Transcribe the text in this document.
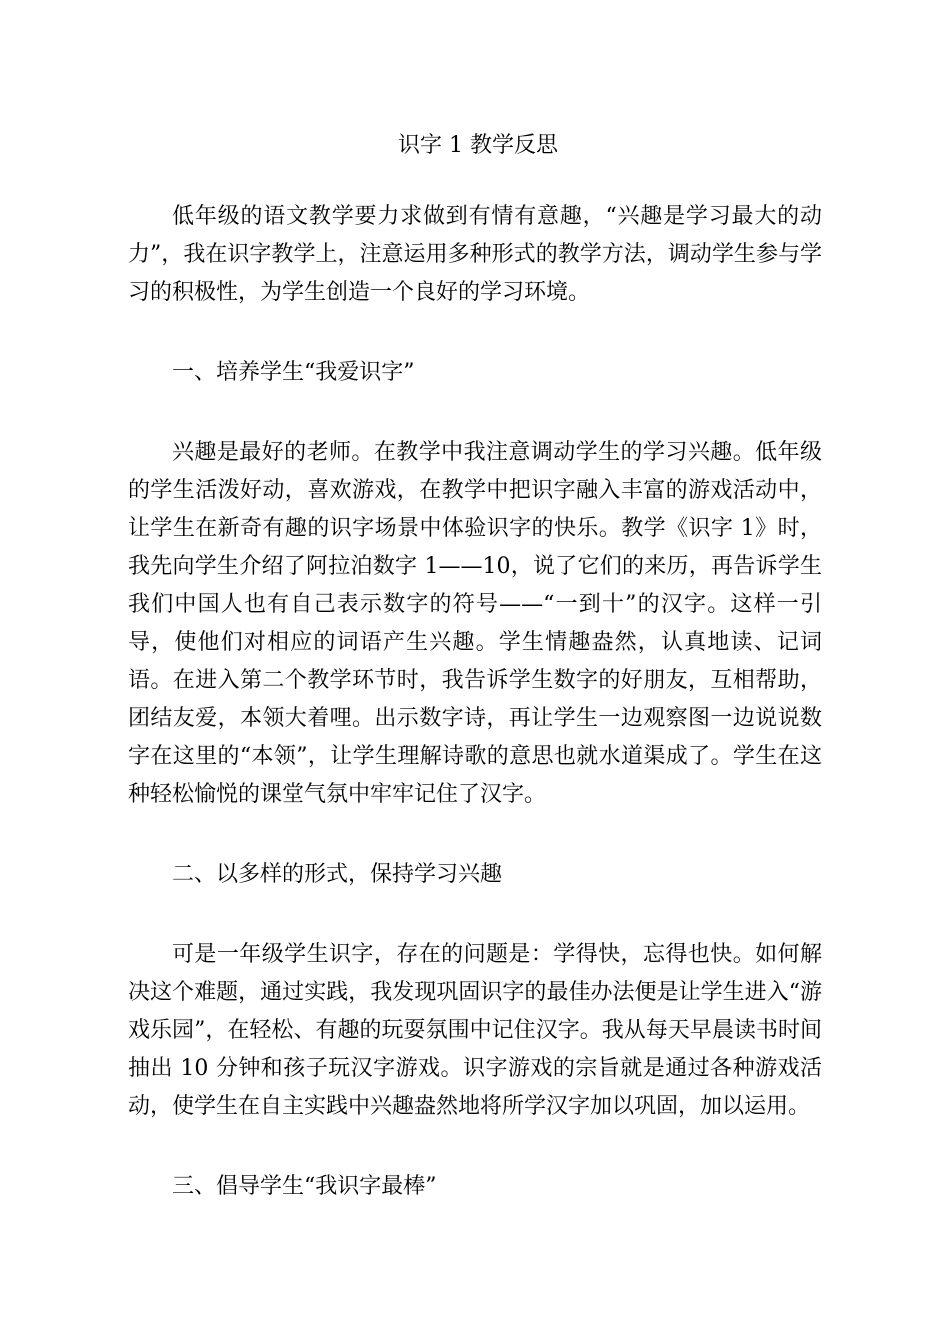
识字 1 教学反思

低年级的语文教学要力求做到有情有意趣，“兴趣是学习最大的动力”，我在识字教学上，注意运用多种形式的教学方法，调动学生参与学习的积极性，为学生创造一个良好的学习环境。

一、培养学生“我爱识字”

兴趣是最好的老师。在教学中我注意调动学生的学习兴趣。低年级的学生活泼好动，喜欢游戏，在教学中把识字融入丰富的游戏活动中，让学生在新奇有趣的识字场景中体验识字的快乐。教学《识字 1》时，我先向学生介绍了阿拉泊数字 1——10，说了它们的来历，再告诉学生我们中国人也有自己表示数字的符号——“一到十”的汉字。这样一引导，使他们对相应的词语产生兴趣。学生情趣盎然，认真地读、记词语。在进入第二个教学环节时，我告诉学生数字的好朋友，互相帮助，团结友爱，本领大着哩。出示数字诗，再让学生一边观察图一边说说数字在这里的“本领”，让学生理解诗歌的意思也就水道渠成了。学生在这种轻松愉悦的课堂气氛中牢牢记住了汉字。

二、以多样的形式，保持学习兴趣

可是一年级学生识字，存在的问题是：学得快，忘得也快。如何解决这个难题，通过实践，我发现巩固识字的最佳办法便是让学生进入“游戏乐园”，在轻松、有趣的玩耍氛围中记住汉字。我从每天早晨读书时间抽出 10 分钟和孩子玩汉字游戏。识字游戏的宗旨就是通过各种游戏活动，使学生在自主实践中兴趣盎然地将所学汉字加以巩固，加以运用。

三、倡导学生“我识字最棒”
